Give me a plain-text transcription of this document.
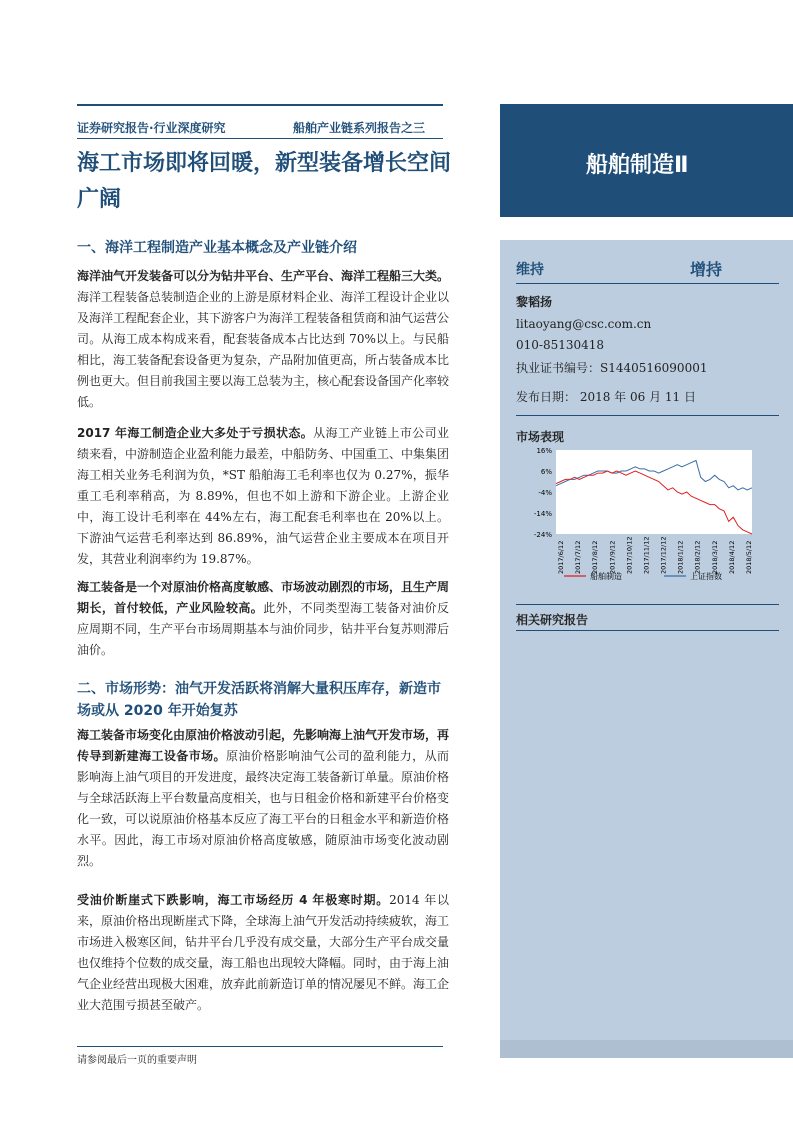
证券研究报告·行业深度研究	船舶产业链系列报告之三
海工市场即将回暖，新型装备增长空间
广阔
船舶制造Ⅱ
维持	增持
黎韬扬
litaoyang@csc.com.cn
010-85130418
执业证书编号：S1440516090001
发布日期： 2018 年 06 月 11 日
市场表现
16%
6%
-4%
-14%
-24%
2017/6/12 2017/7/12 2017/8/12 2017/9/12 2017/10/12 2017/11/12 2017/12/12 2018/1/12 2018/2/12 2018/3/12 2018/4/12 2018/5/12
船舶制造	上证指数
相关研究报告
一、海洋工程制造产业基本概念及产业链介绍
海洋油气开发装备可以分为钻井平台、生产平台、海洋工程船三大类。海洋工程装备总装制造企业的上游是原材料企业、海洋工程设计企业以及海洋工程配套企业，其下游客户为海洋工程装备租赁商和油气运营公司。从海工成本构成来看，配套装备成本占比达到 70%以上。与民船相比，海工装备配套设备更为复杂，产品附加值更高，所占装备成本比例也更大。但目前我国主要以海工总装为主，核心配套设备国产化率较低。
2017 年海工制造企业大多处于亏损状态。从海工产业链上市公司业绩来看，中游制造企业盈利能力最差，中船防务、中国重工、中集集团海工相关业务毛利润为负，*ST 船舶海工毛利率也仅为 0.27%，振华重工毛利率稍高，为 8.89%，但也不如上游和下游企业。上游企业中，海工设计毛利率在 44%左右，海工配套毛利率也在 20%以上。下游油气运营毛利率达到 86.89%，油气运营企业主要成本在项目开发，其营业利润率约为 19.87%。
海工装备是一个对原油价格高度敏感、市场波动剧烈的市场，且生产周期长，首付较低，产业风险较高。此外，不同类型海工装备对油价反应周期不同，生产平台市场周期基本与油价同步，钻井平台复苏则滞后油价。
二、市场形势：油气开发活跃将消解大量积压库存，新造市场或从 2020 年开始复苏
海工装备市场变化由原油价格波动引起，先影响海上油气开发市场，再传导到新建海工设备市场。原油价格影响油气公司的盈利能力，从而影响海上油气项目的开发进度，最终决定海工装备新订单量。原油价格与全球活跃海上平台数量高度相关，也与日租金价格和新建平台价格变化一致，可以说原油价格基本反应了海工平台的日租金水平和新造价格水平。因此，海工市场对原油价格高度敏感，随原油市场变化波动剧烈。
受油价断崖式下跌影响，海工市场经历 4 年极寒时期。2014 年以来，原油价格出现断崖式下降，全球海上油气开发活动持续疲软，海工市场进入极寒区间，钻井平台几乎没有成交量，大部分生产平台成交量也仅维持个位数的成交量，海工船也出现较大降幅。同时，由于海上油气企业经营出现极大困难，放弃此前新造订单的情况屡见不鲜。海工企业大范围亏损甚至破产。
请参阅最后一页的重要声明
